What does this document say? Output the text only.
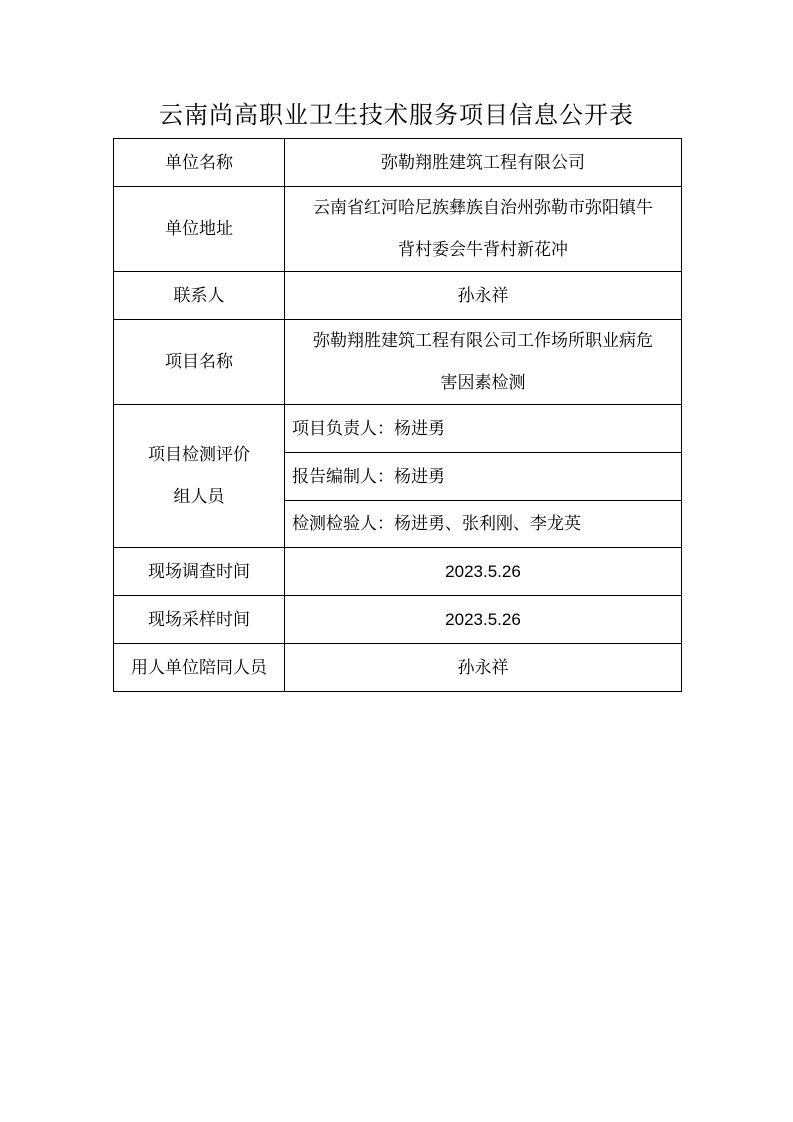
云南尚高职业卫生技术服务项目信息公开表
单位名称	弥勒翔胜建筑工程有限公司
单位地址	云南省红河哈尼族彝族自治州弥勒市弥阳镇牛
背村委会牛背村新花冲

联系人	孙永祥
项目名称	弥勒翔胜建筑工程有限公司工作场所职业病危
害因素检测

项目检测评价
组人员	项目负责人：杨进勇
	报告编制人：杨进勇
	检测检验人：杨进勇、张利刚、李龙英
现场调查时间	2023.5.26
现场采样时间	2023.5.26
用人单位陪同人员	孙永祥
